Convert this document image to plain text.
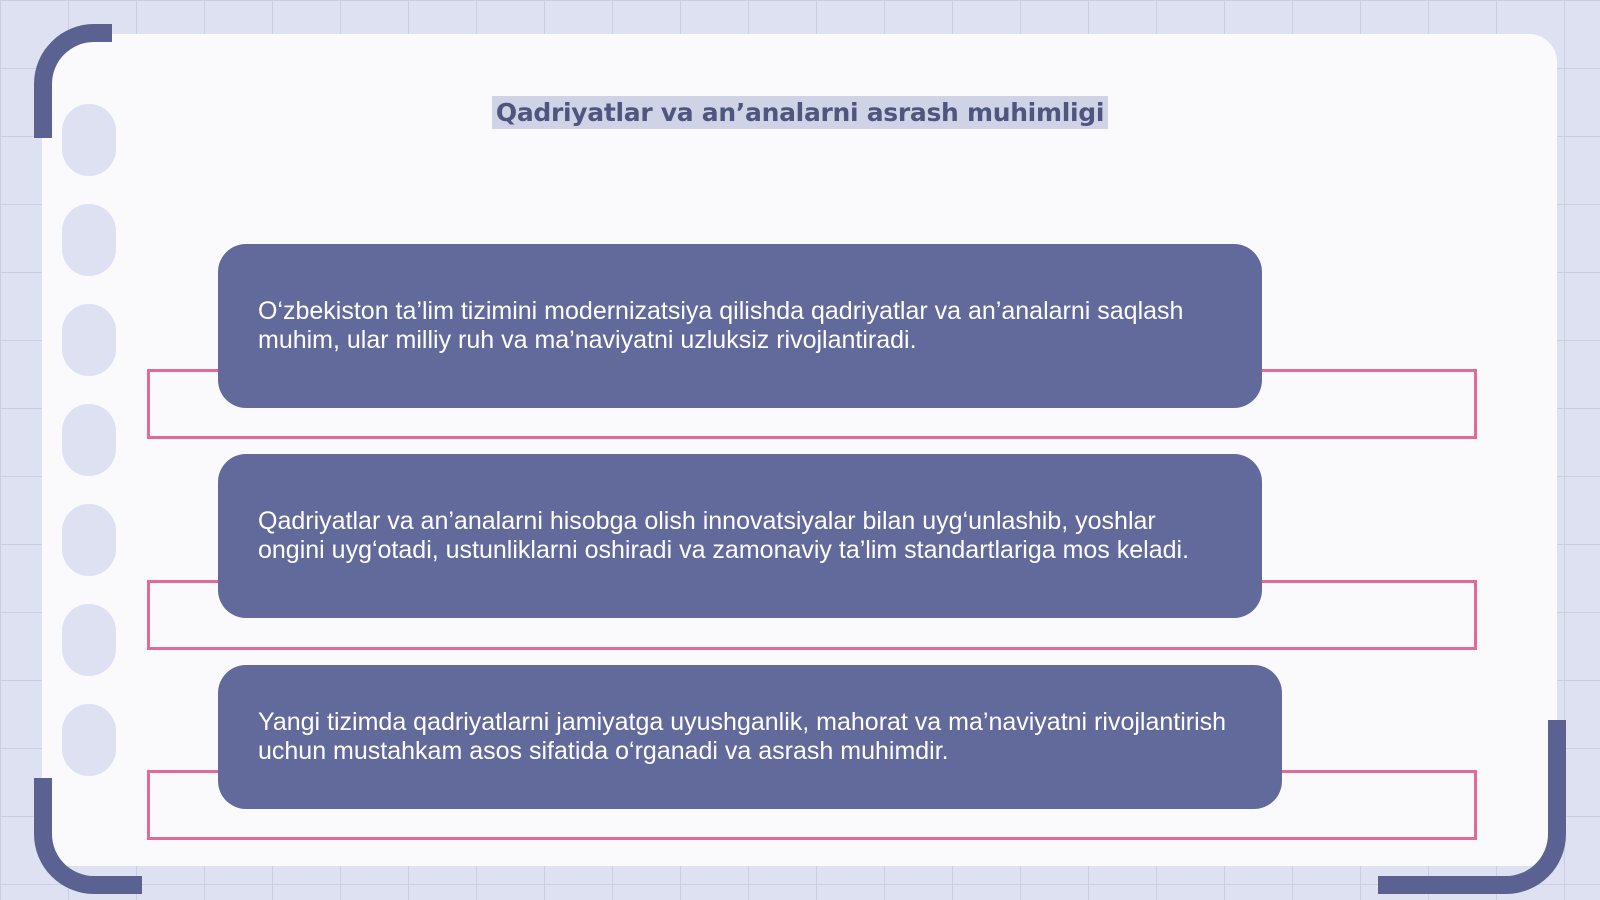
Qadriyatlar va an’analarni asrash muhimligi
O‘zbekiston ta’lim tizimini modernizatsiya qilishda qadriyatlar va an’analarni saqlash muhim, ular milliy ruh va ma’naviyatni uzluksiz rivojlantiradi.
Qadriyatlar va an’analarni hisobga olish innovatsiyalar bilan uyg‘unlashib, yoshlar ongini uyg‘otadi, ustunliklarni oshiradi va zamonaviy ta’lim standartlariga mos keladi.
Yangi tizimda qadriyatlarni jamiyatga uyushganlik, mahorat va ma’naviyatni rivojlantirish uchun mustahkam asos sifatida o‘rganadi va asrash muhimdir.
